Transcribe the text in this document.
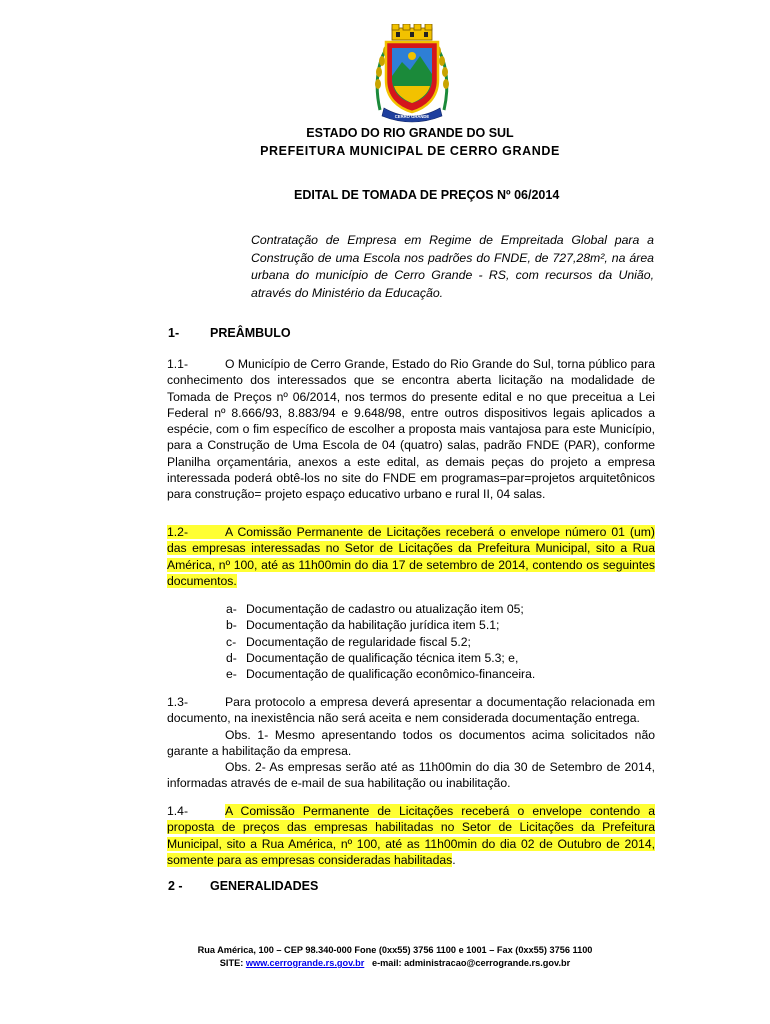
CERRO GRANDE
ESTADO DO RIO GRANDE DO SUL
PREFEITURA MUNICIPAL DE CERRO GRANDE
EDITAL DE TOMADA DE PREÇOS Nº 06/2014
Contratação de Empresa em Regime de Empreitada Global para a Construção de uma Escola nos padrões do FNDE, de 727,28m², na área urbana do município de Cerro Grande - RS, com recursos da União, através do Ministério da Educação.
1- PREÂMBULO
1.1-	O Município de Cerro Grande, Estado do Rio Grande do Sul, torna público para conhecimento dos interessados que se encontra aberta licitação na modalidade de Tomada de Preços nº 06/2014, nos termos do presente edital e no que preceitua a Lei Federal nº 8.666/93, 8.883/94 e 9.648/98, entre outros dispositivos legais aplicados a espécie, com o fim específico de escolher a proposta mais vantajosa para este Município, para a Construção de Uma Escola de 04 (quatro) salas, padrão FNDE (PAR), conforme Planilha orçamentária, anexos a este edital, as demais peças do projeto a empresa interessada poderá obtê-los no site do FNDE em programas=par=projetos arquitetônicos para construção= projeto espaço educativo urbano e rural II, 04 salas.
1.2-	A Comissão Permanente de Licitações receberá o envelope número 01 (um) das empresas interessadas no Setor de Licitações da Prefeitura Municipal, sito a Rua América, nº 100, até as 11h00min do dia 17 de setembro de 2014, contendo os seguintes documentos.
a- Documentação de cadastro ou atualização item 05;
b- Documentação da habilitação jurídica item 5.1;
c- Documentação de regularidade fiscal 5.2;
d- Documentação de qualificação técnica item 5.3; e,
e- Documentação de qualificação econômico-financeira.
1.3-	Para protocolo a empresa deverá apresentar a documentação relacionada em documento, na inexistência não será aceita e nem considerada documentação entrega.
Obs. 1- Mesmo apresentando todos os documentos acima solicitados não garante a habilitação da empresa.
Obs. 2- As empresas serão até as 11h00min do dia 30 de Setembro de 2014, informadas através de e-mail de sua habilitação ou inabilitação.
1.4-	A Comissão Permanente de Licitações receberá o envelope contendo a proposta de preços das empresas habilitadas no Setor de Licitações da Prefeitura Municipal, sito a Rua América, nº 100, até as 11h00min do dia 02 de Outubro de 2014, somente para as empresas consideradas habilitadas.
2 - GENERALIDADES
Rua América, 100 – CEP 98.340-000 Fone (0xx55) 3756 1100 e 1001 – Fax (0xx55) 3756 1100
SITE: www.cerrogrande.rs.gov.br e-mail: administracao@cerrogrande.rs.gov.br
